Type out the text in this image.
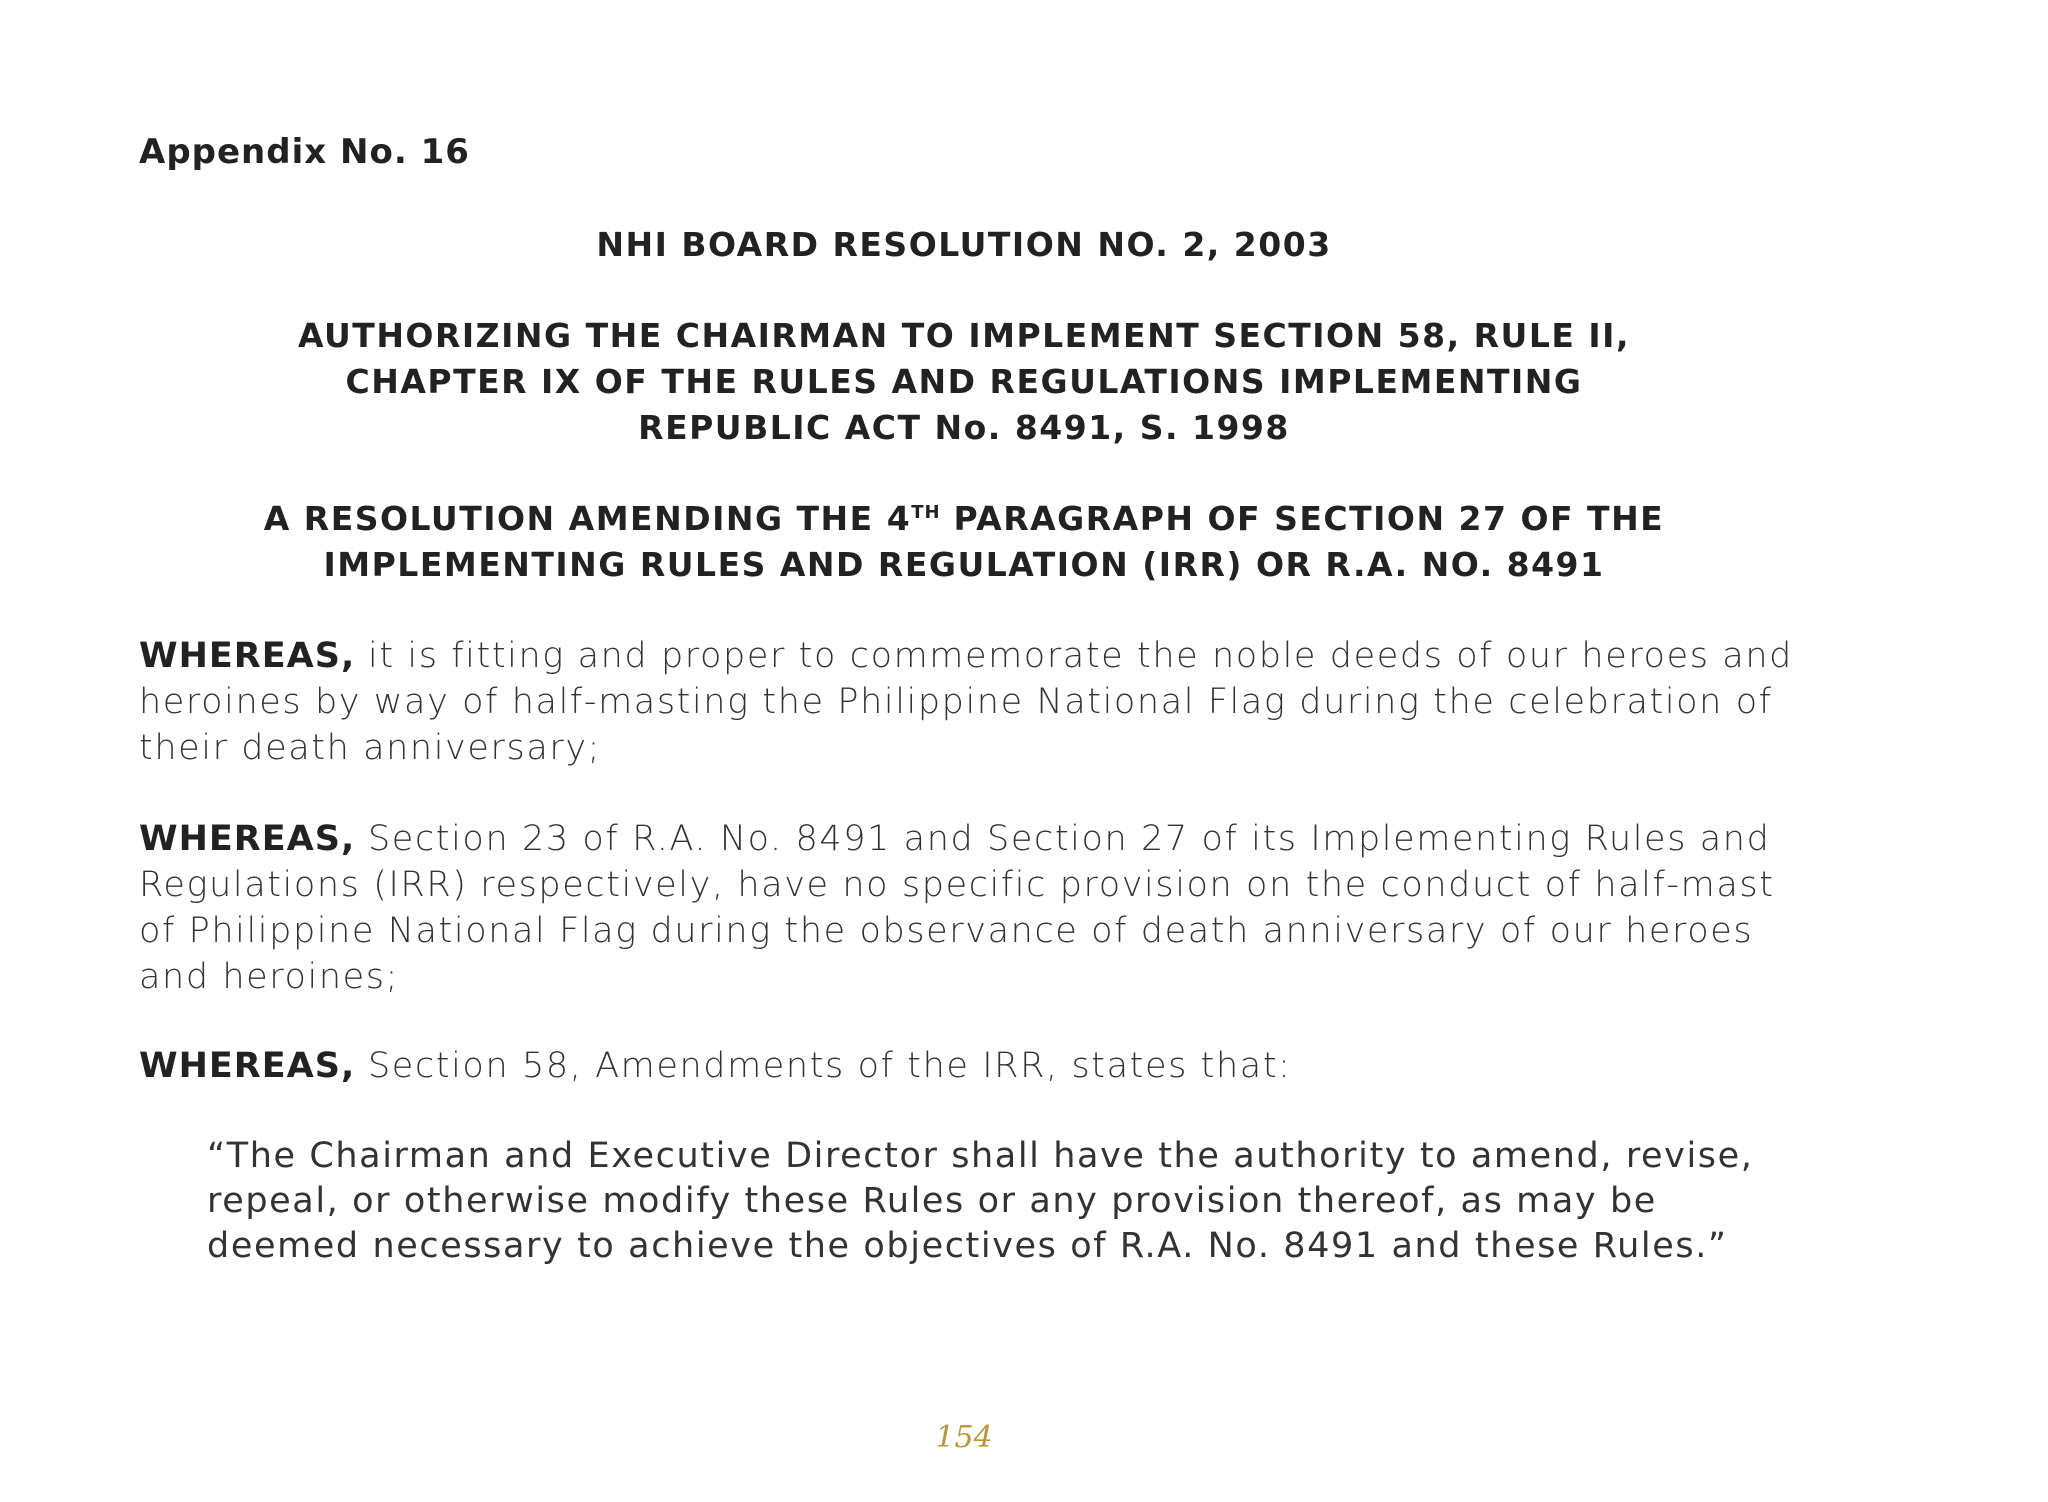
Appendix No. 16
NHI BOARD RESOLUTION NO. 2, 2003
AUTHORIZING THE CHAIRMAN TO IMPLEMENT SECTION 58, RULE II,
CHAPTER IX OF THE RULES AND REGULATIONS IMPLEMENTING
REPUBLIC ACT No. 8491, S. 1998
A RESOLUTION AMENDING THE 4TH PARAGRAPH OF SECTION 27 OF THE
IMPLEMENTING RULES AND REGULATION (IRR) OR R.A. NO. 8491
WHEREAS, it is fitting and proper to commemorate the noble deeds of our heroes and
heroines by way of half-masting the Philippine National Flag during the celebration of
their death anniversary;
WHEREAS, Section 23 of R.A. No. 8491 and Section 27 of its Implementing Rules and
Regulations (IRR) respectively, have no specific provision on the conduct of half-mast
of Philippine National Flag during the observance of death anniversary of our heroes
and heroines;
WHEREAS, Section 58, Amendments of the IRR, states that:
“The Chairman and Executive Director shall have the authority to amend, revise,
repeal, or otherwise modify these Rules or any provision thereof, as may be
deemed necessary to achieve the objectives of R.A. No. 8491 and these Rules.”
154
